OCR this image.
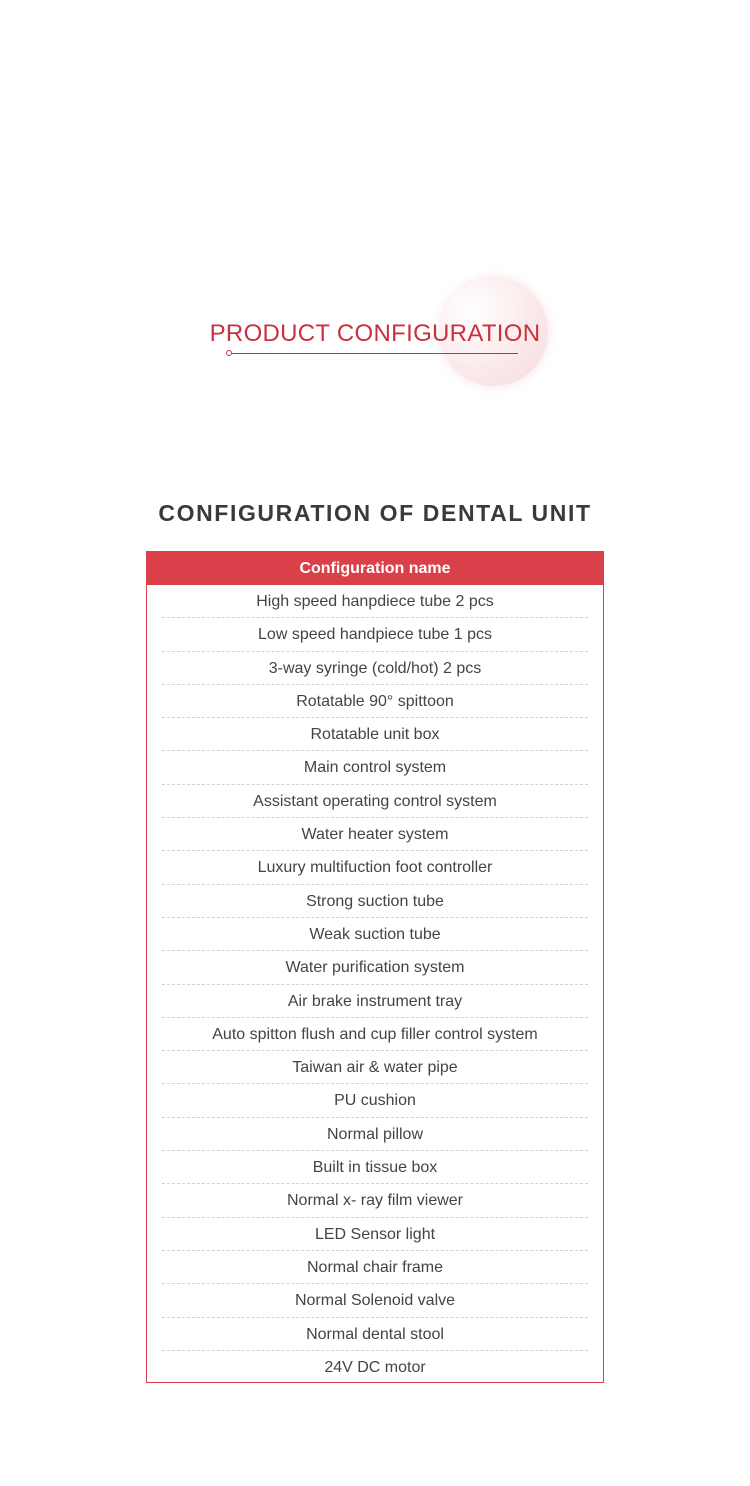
PRODUCT CONFIGURATION
CONFIGURATION OF DENTAL UNIT
Configuration name
High speed hanpdiece tube 2 pcs
Low speed handpiece tube 1 pcs
3-way syringe (cold/hot) 2 pcs
Rotatable 90° spittoon
Rotatable unit box
Main control system
Assistant operating control system
Water heater system
Luxury multifuction foot controller
Strong suction tube
Weak suction tube
Water purification system
Air brake instrument tray
Auto spitton flush and cup filler control system
Taiwan air & water pipe
PU cushion
Normal pillow
Built in tissue box
Normal x- ray film viewer
LED Sensor light
Normal chair frame
Normal Solenoid valve
Normal dental stool
24V DC motor
